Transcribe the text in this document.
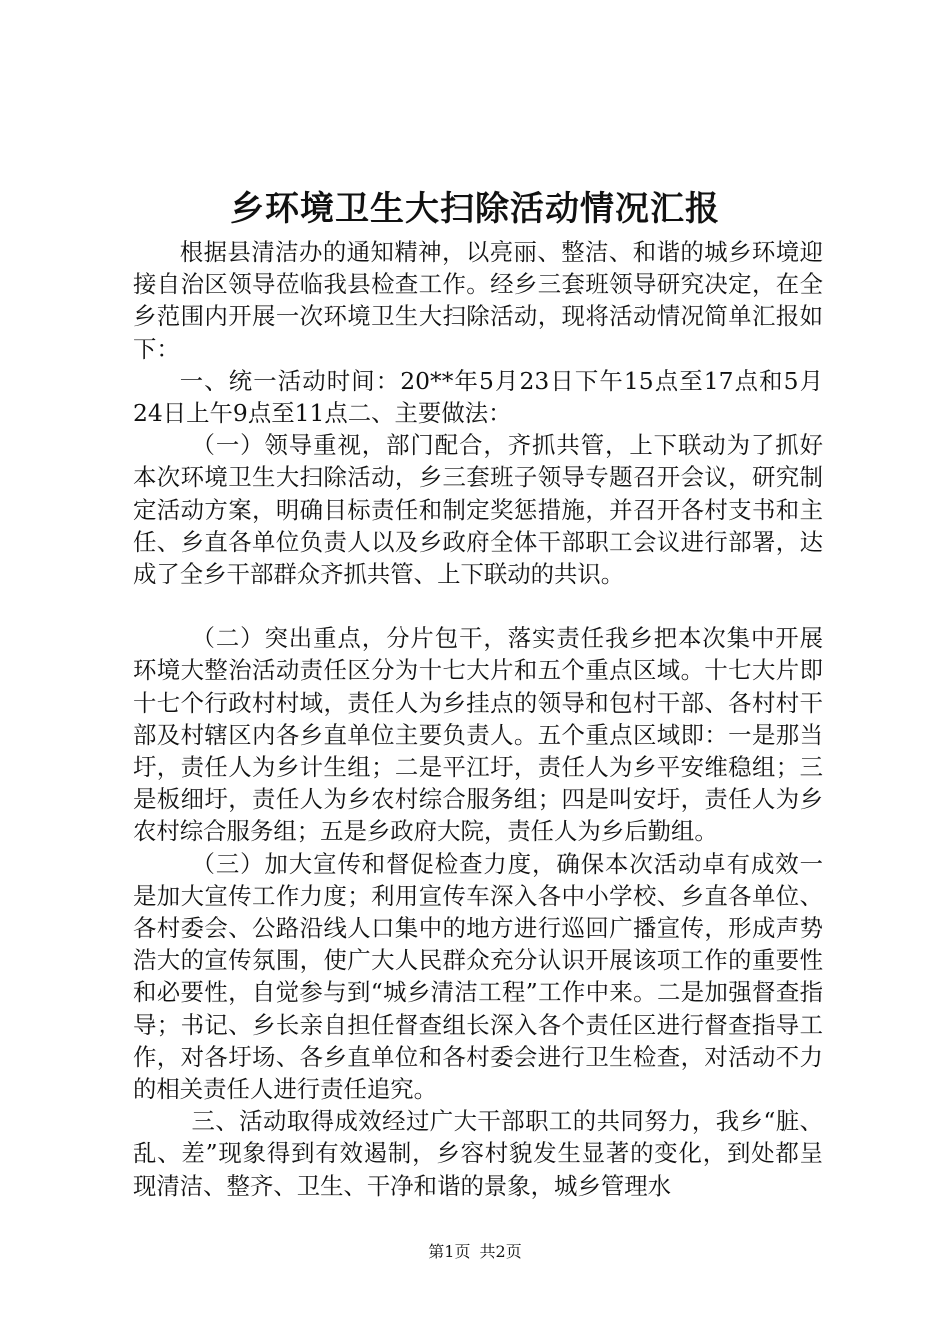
乡环境卫生大扫除活动情况汇报

根据县清洁办的通知精神，以亮丽、整洁、和谐的城乡环境迎接自治区领导莅临我县检查工作。经乡三套班领导研究决定，在全乡范围内开展一次环境卫生大扫除活动，现将活动情况简单汇报如下：

一、统一活动时间：20**年5月23日下午15点至17点和5月24日上午9点至11点二、主要做法：

（一）领导重视，部门配合，齐抓共管，上下联动为了抓好本次环境卫生大扫除活动，乡三套班子领导专题召开会议，研究制定活动方案，明确目标责任和制定奖惩措施，并召开各村支书和主任、乡直各单位负责人以及乡政府全体干部职工会议进行部署，达成了全乡干部群众齐抓共管、上下联动的共识。

（二）突出重点，分片包干，落实责任我乡把本次集中开展环境大整治活动责任区分为十七大片和五个重点区域。十七大片即十七个行政村村域，责任人为乡挂点的领导和包村干部、各村村干部及村辖区内各乡直单位主要负责人。五个重点区域即：一是那当圩，责任人为乡计生组；二是平江圩，责任人为乡平安维稳组；三是板细圩，责任人为乡农村综合服务组；四是叫安圩，责任人为乡农村综合服务组；五是乡政府大院，责任人为乡后勤组。

（三）加大宣传和督促检查力度，确保本次活动卓有成效一是加大宣传工作力度；利用宣传车深入各中小学校、乡直各单位、各村委会、公路沿线人口集中的地方进行巡回广播宣传，形成声势浩大的宣传氛围，使广大人民群众充分认识开展该项工作的重要性和必要性，自觉参与到“城乡清洁工程”工作中来。二是加强督查指导；书记、乡长亲自担任督查组长深入各个责任区进行督查指导工作，对各圩场、各乡直单位和各村委会进行卫生检查，对活动不力的相关责任人进行责任追究。

三、活动取得成效经过广大干部职工的共同努力，我乡“脏、乱、差”现象得到有效遏制，乡容村貌发生显著的变化，到处都呈现清洁、整齐、卫生、干净和谐的景象，城乡管理水

第1页 共2页
